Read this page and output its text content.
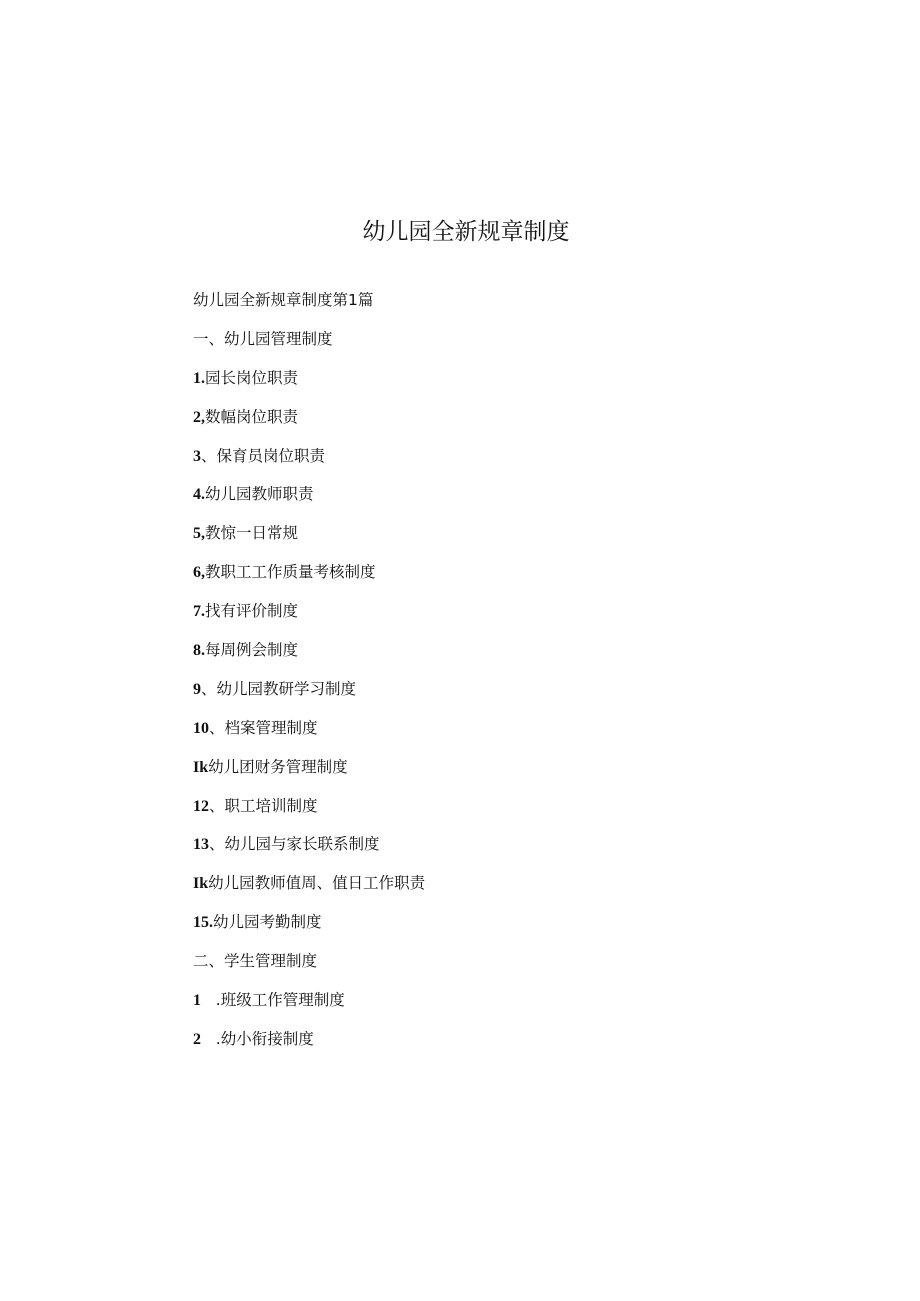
幼儿园全新规章制度
幼儿园全新规章制度第1篇
一、幼儿园管理制度
1.园长岗位职责
2,数幅岗位职责
3、保育员岗位职责
4.幼儿园教师职责
5,教惊一日常规
6,教职工工作质量考核制度
7.找有评价制度
8.每周例会制度
9、幼儿园教研学习制度
10、档案管理制度
Ik幼儿团财务管理制度
12、职工培训制度
13、幼儿园与家长联系制度
Ik幼儿园教师值周、值日工作职责
15.幼儿园考勤制度
二、学生管理制度
1   .班级工作管理制度
2   .幼小衔接制度
